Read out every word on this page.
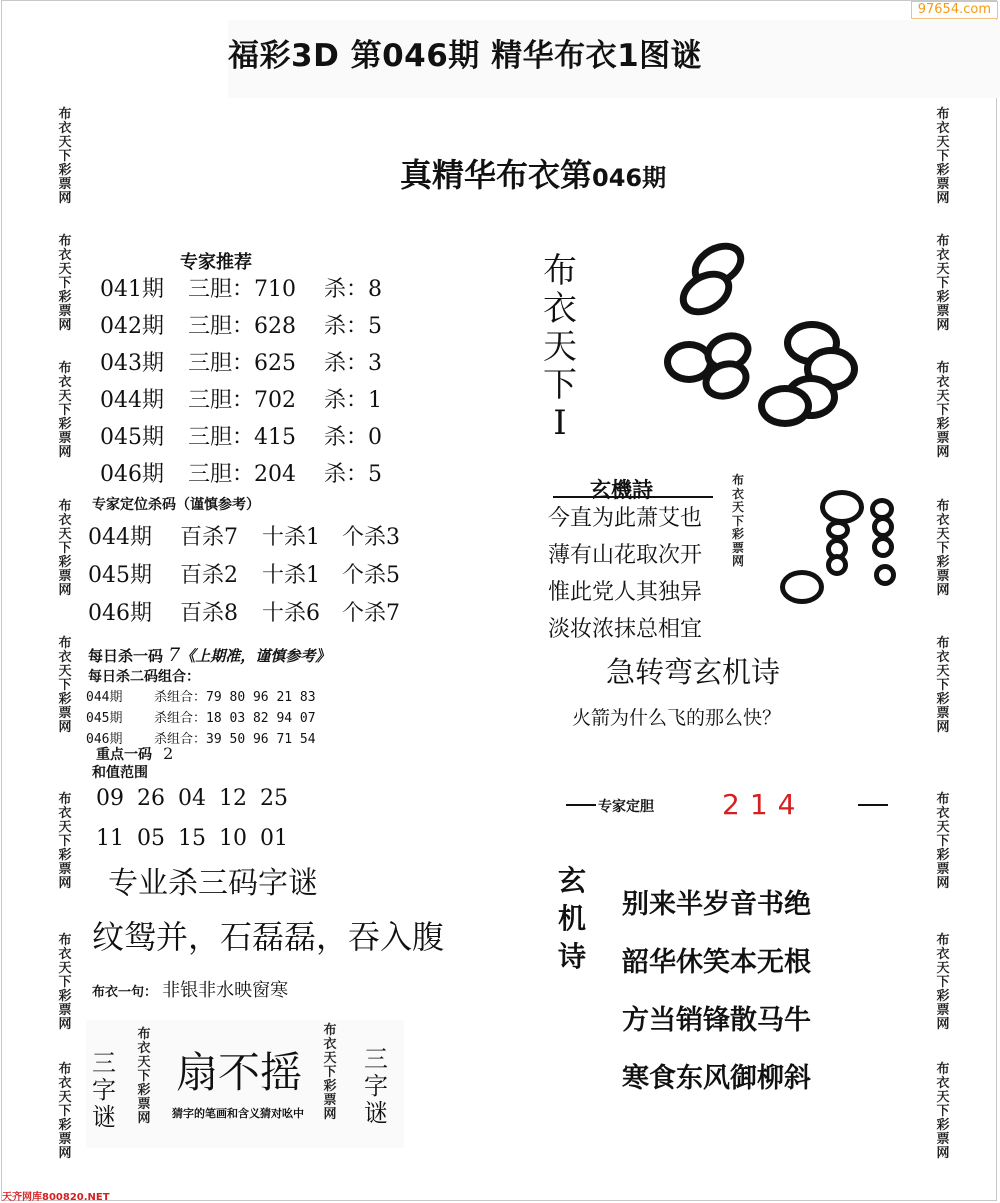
97654.com
福彩3D 第046期 精华布衣1图谜
布衣天下彩票网
布衣天下彩票网
布衣天下彩票网
布衣天下彩票网
布衣天下彩票网
布衣天下彩票网
布衣天下彩票网
布衣天下彩票网
布衣天下彩票网
布衣天下彩票网
布衣天下彩票网
布衣天下彩票网
布衣天下彩票网
布衣天下彩票网
布衣天下彩票网
布衣天下彩票网
真精华布衣第046期
专家推荐
041期 三胆：710 杀：8
042期 三胆：628 杀：5
043期 三胆：625 杀：3
044期 三胆：702 杀：1
045期 三胆：415 杀：0
046期 三胆：204 杀：5
专家定位杀码（谨慎参考）
044期 百杀7 十杀1 个杀3
045期 百杀2 十杀1 个杀5
046期 百杀8 十杀6 个杀7
每日杀一码 7《上期准，谨慎参考》
每日杀二码组合：
044期 杀组合：79 80 96 21 83
045期 杀组合：18 03 82 94 07
046期 杀组合：39 50 96 71 54
重点一码 2
和值范围
09 26 04 12 25
11 05 15 10 01
专业杀三码字谜
纹鸳并，石磊磊，吞入腹
布衣一句： 非银非水映窗寒
三字谜
布衣天下彩票网
扇不摇
猜字的笔画和含义猜对吆中
布衣天下彩票网
三字谜
布衣天下I
玄機詩
今直为此萧艾也
薄有山花取次开
惟此党人其独异
淡妆浓抹总相宜
布衣天下彩票网
急转弯玄机诗
火箭为什么飞的那么快？
专家定胆 214
玄机诗
别来半岁音书绝
韶华休笑本无根
方当销锋散马牛
寒食东风御柳斜
天齐网库800820.NET
